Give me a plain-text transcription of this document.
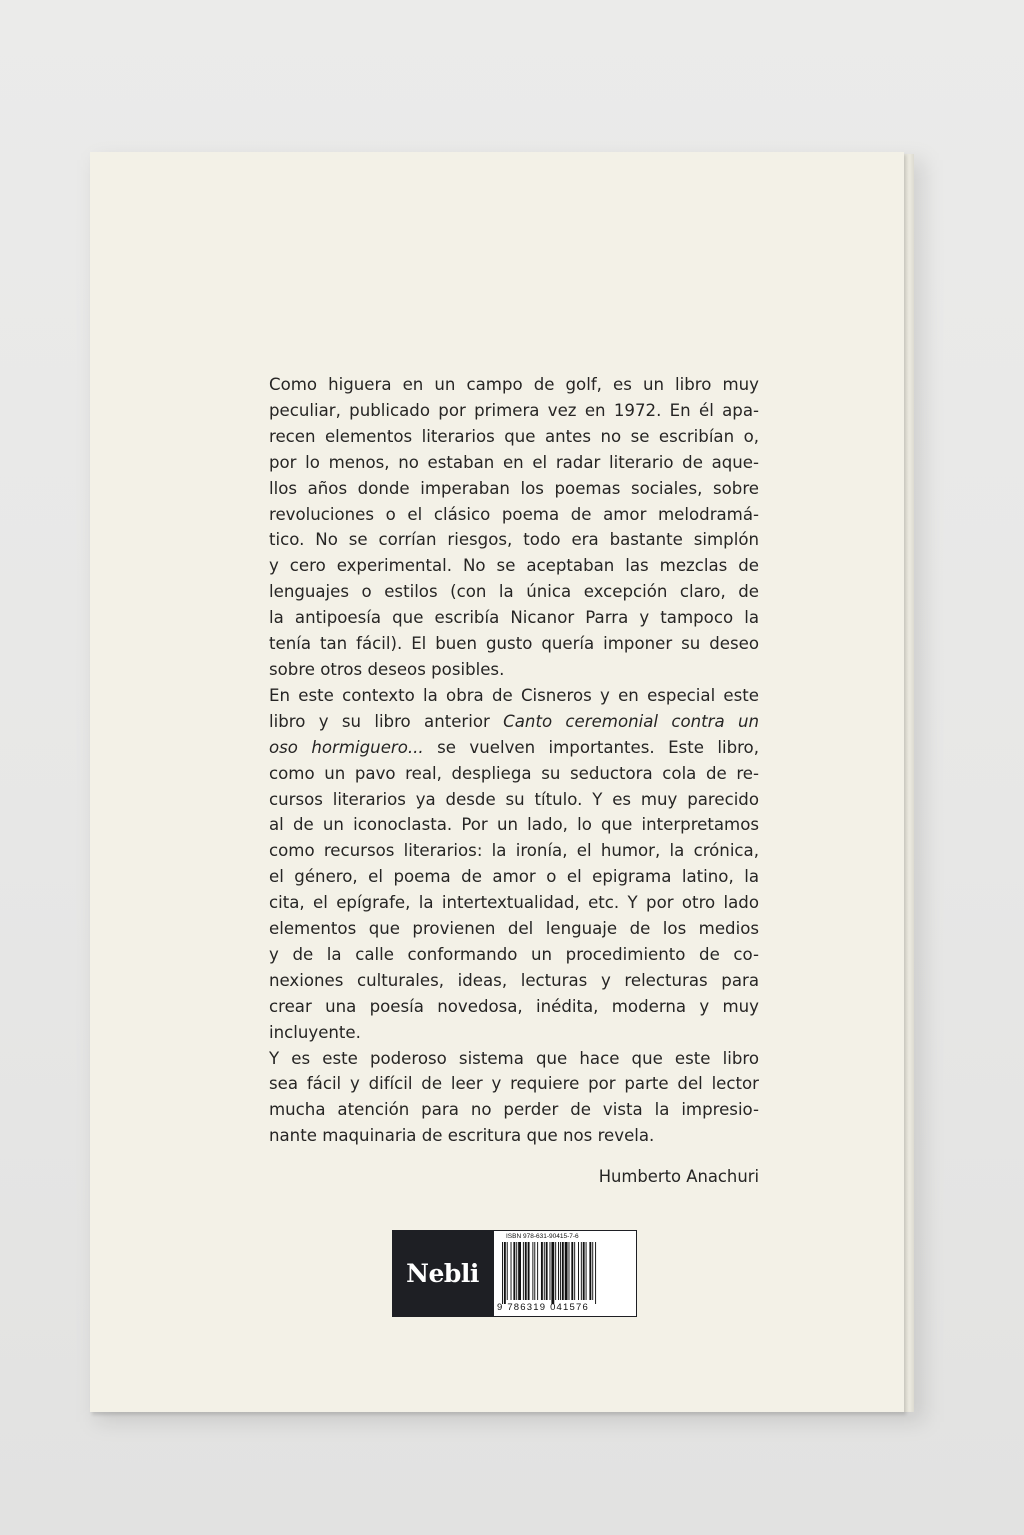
Como higuera en un campo de golf, es un libro muy
peculiar, publicado por primera vez en 1972. En él apa-
recen elementos literarios que antes no se escribían o,
por lo menos, no estaban en el radar literario de aque-
llos años donde imperaban los poemas sociales, sobre
revoluciones o el clásico poema de amor melodramá-
tico. No se corrían riesgos, todo era bastante simplón
y cero experimental. No se aceptaban las mezclas de
lenguajes o estilos (con la única excepción claro, de
la antipoesía que escribía Nicanor Parra y tampoco la
tenía tan fácil). El buen gusto quería imponer su deseo
sobre otros deseos posibles.

En este contexto la obra de Cisneros y en especial este
libro y su libro anterior Canto ceremonial contra un
oso hormiguero... se vuelven importantes. Este libro,
como un pavo real, despliega su seductora cola de re-
cursos literarios ya desde su título. Y es muy parecido
al de un iconoclasta. Por un lado, lo que interpretamos
como recursos literarios: la ironía, el humor, la crónica,
el género, el poema de amor o el epigrama latino, la
cita, el epígrafe, la intertextualidad, etc. Y por otro lado
elementos que provienen del lenguaje de los medios
y de la calle conformando un procedimiento de co-
nexiones culturales, ideas, lecturas y relecturas para
crear una poesía novedosa, inédita, moderna y muy
incluyente.

Y es este poderoso sistema que hace que este libro
sea fácil y difícil de leer y requiere por parte del lector
mucha atención para no perder de vista la impresio-
nante maquinaria de escritura que nos revela.

Humberto Anachuri
Nebli
ISBN 978-631-90415-7-6
9 786319 041576
